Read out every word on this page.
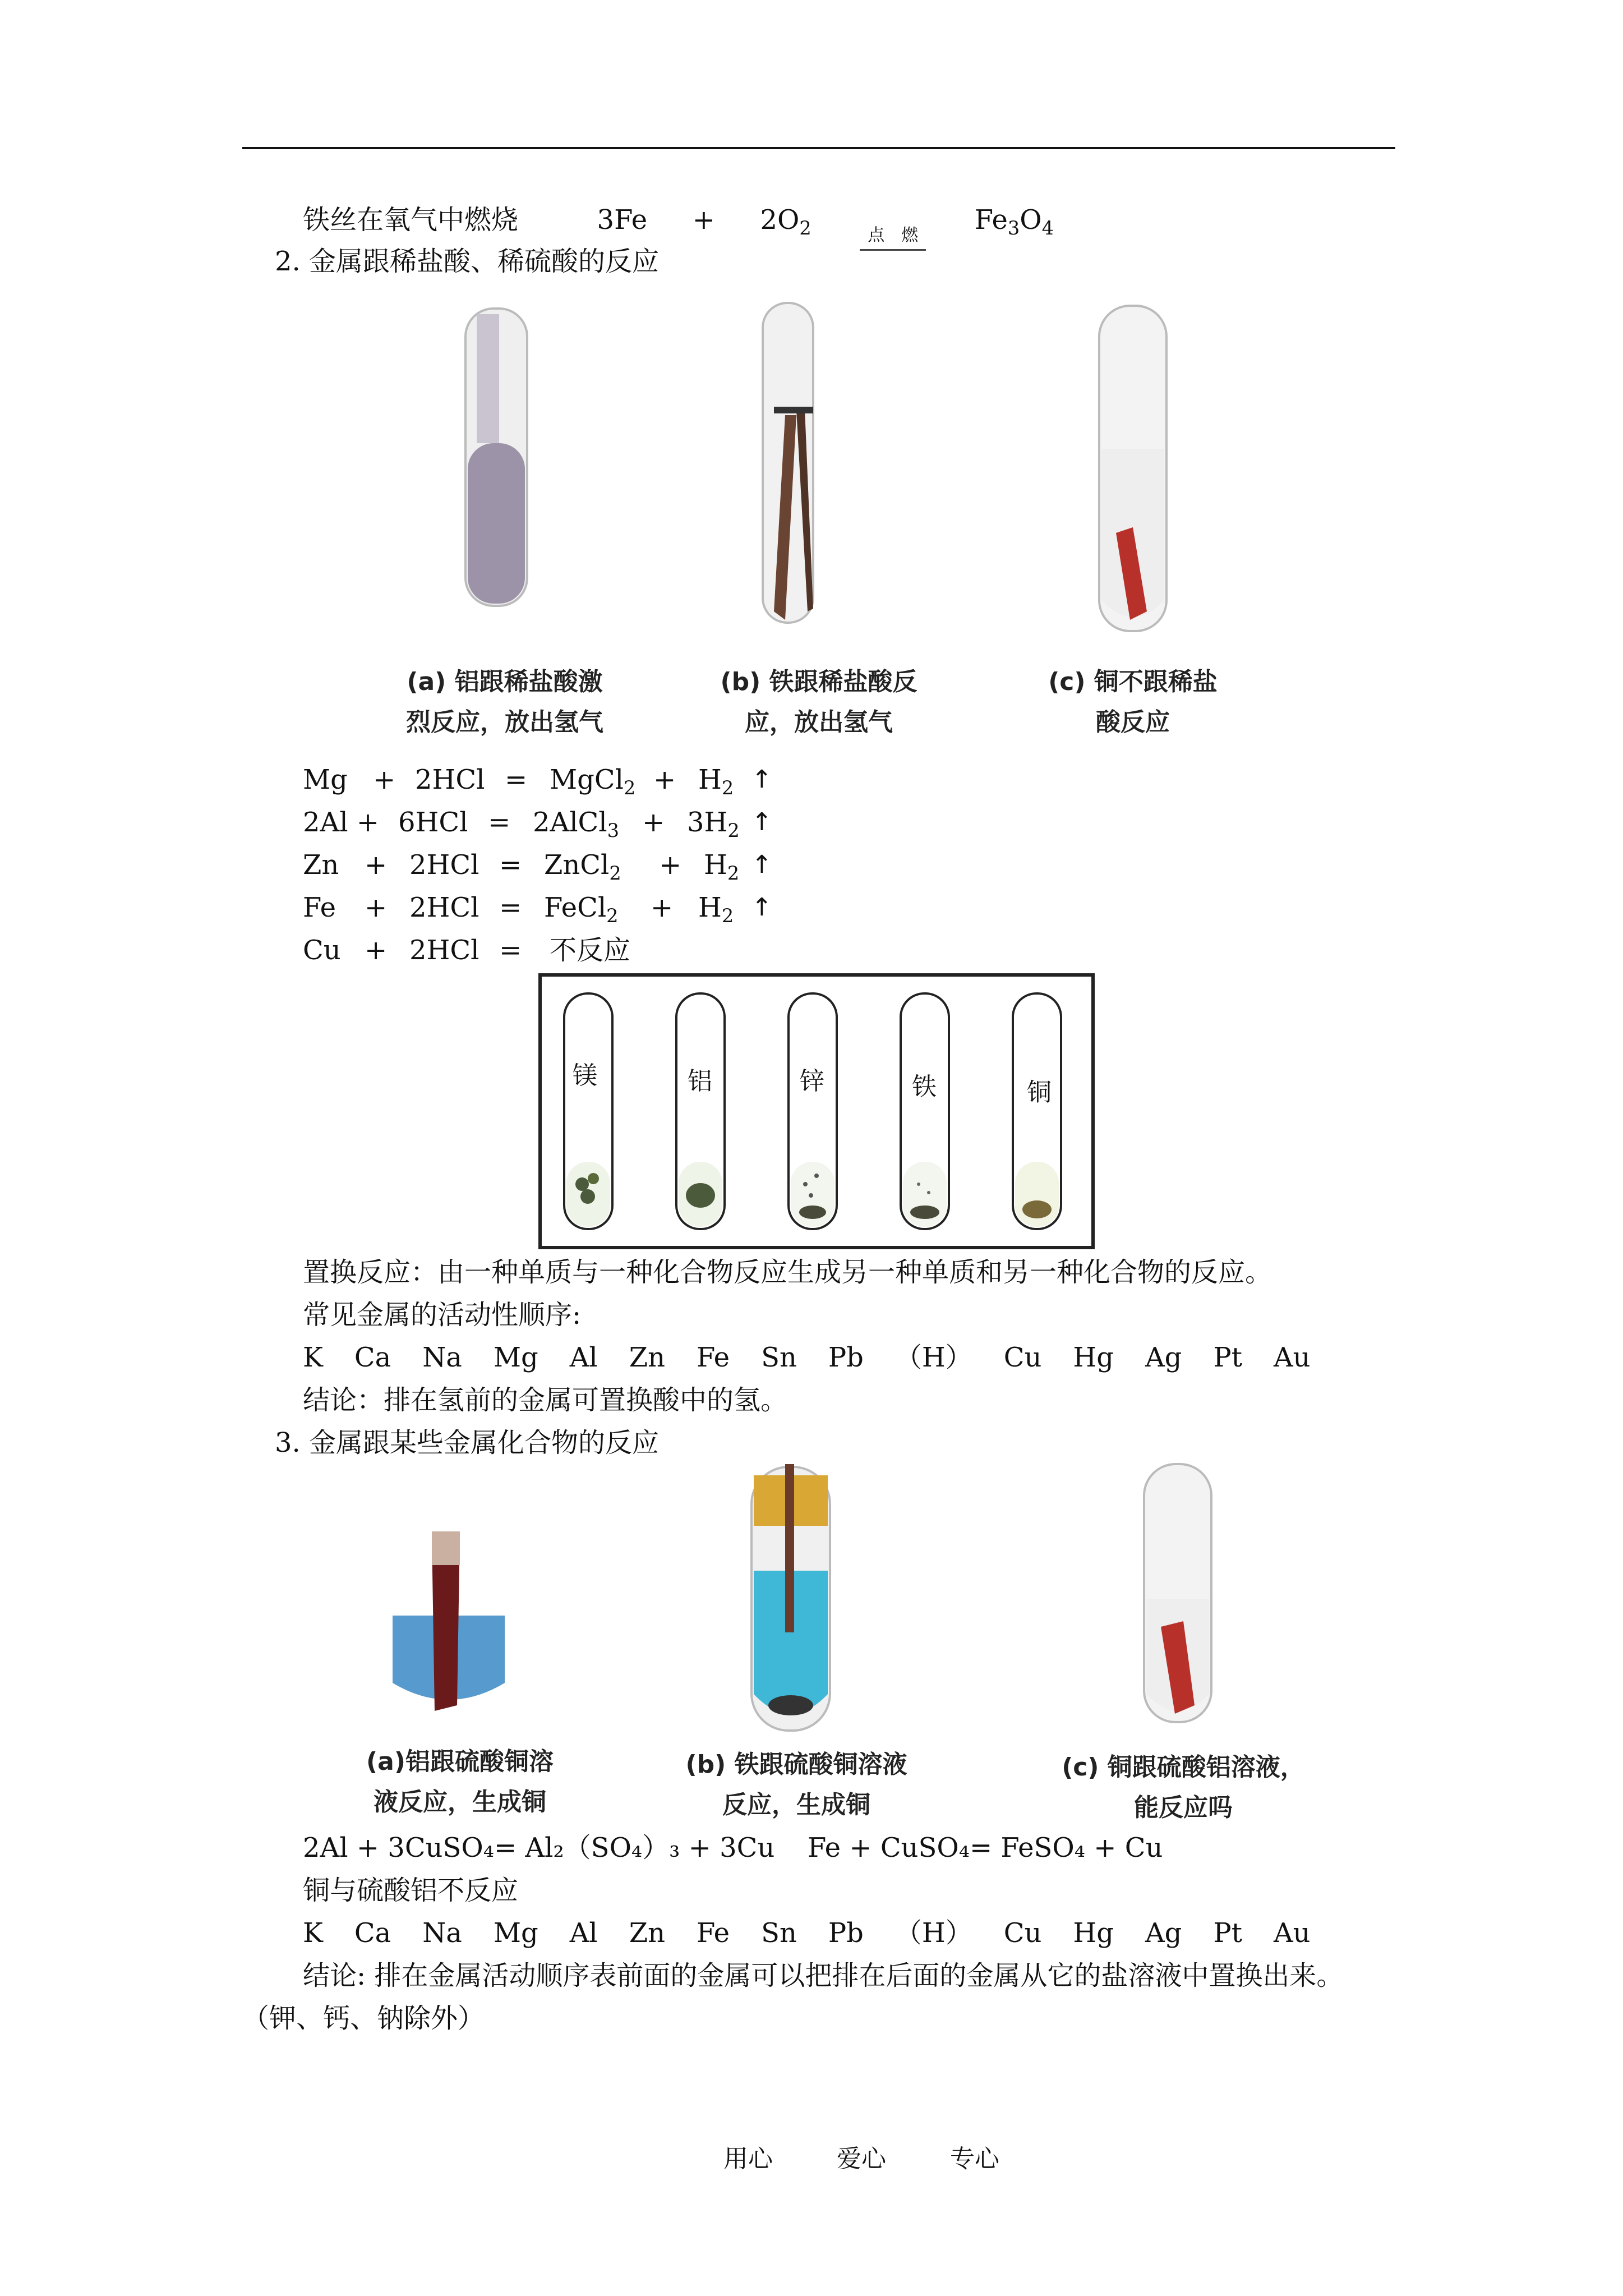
铁丝在氧气中燃烧	$3Fe + 2O_2$	点　燃	$Fe_3O_4$
2. 金属跟稀盐酸、稀硫酸的反应
(a) 铝跟稀盐酸激
烈反应，放出氢气
(b) 铁跟稀盐酸反
应，放出氢气
(c) 铜不跟稀盐
酸反应
Mg + 2HCl = MgCl$_2$ + $H_2$ ↑
2Al + 6HCl = 2AlCl$_3$ + $3H_2$ ↑
Zn + 2HCl = ZnCl$_2$ + $H_2$ ↑
Fe + 2HCl = FeCl$_2$ + $H_2$ ↑
Cu + 2HCl = 不反应
镁	铝	锌	铁	铜
置换反应：由一种单质与一种化合物反应生成另一种单质和另一种化合物的反应。
常见金属的活动性顺序:
K Ca Na Mg Al Zn Fe Sn Pb （H） Cu Hg Ag Pt Au
结论：排在氢前的金属可置换酸中的氢。
3. 金属跟某些金属化合物的反应
(a)铝跟硫酸铜溶
液反应，生成铜
(b) 铁跟硫酸铜溶液
反应，生成铜
(c) 铜跟硫酸铝溶液，
能反应吗
2Al + 3CuSO₄= Al₂（SO₄）₃ + 3Cu Fe + CuSO₄= FeSO₄ + Cu
铜与硫酸铝不反应
K Ca Na Mg Al Zn Fe Sn Pb （H） Cu Hg Ag Pt Au
结论: 排在金属活动顺序表前面的金属可以把排在后面的金属从它的盐溶液中置换出来。
（钾、钙、钠除外）
用心	爱心	专心
